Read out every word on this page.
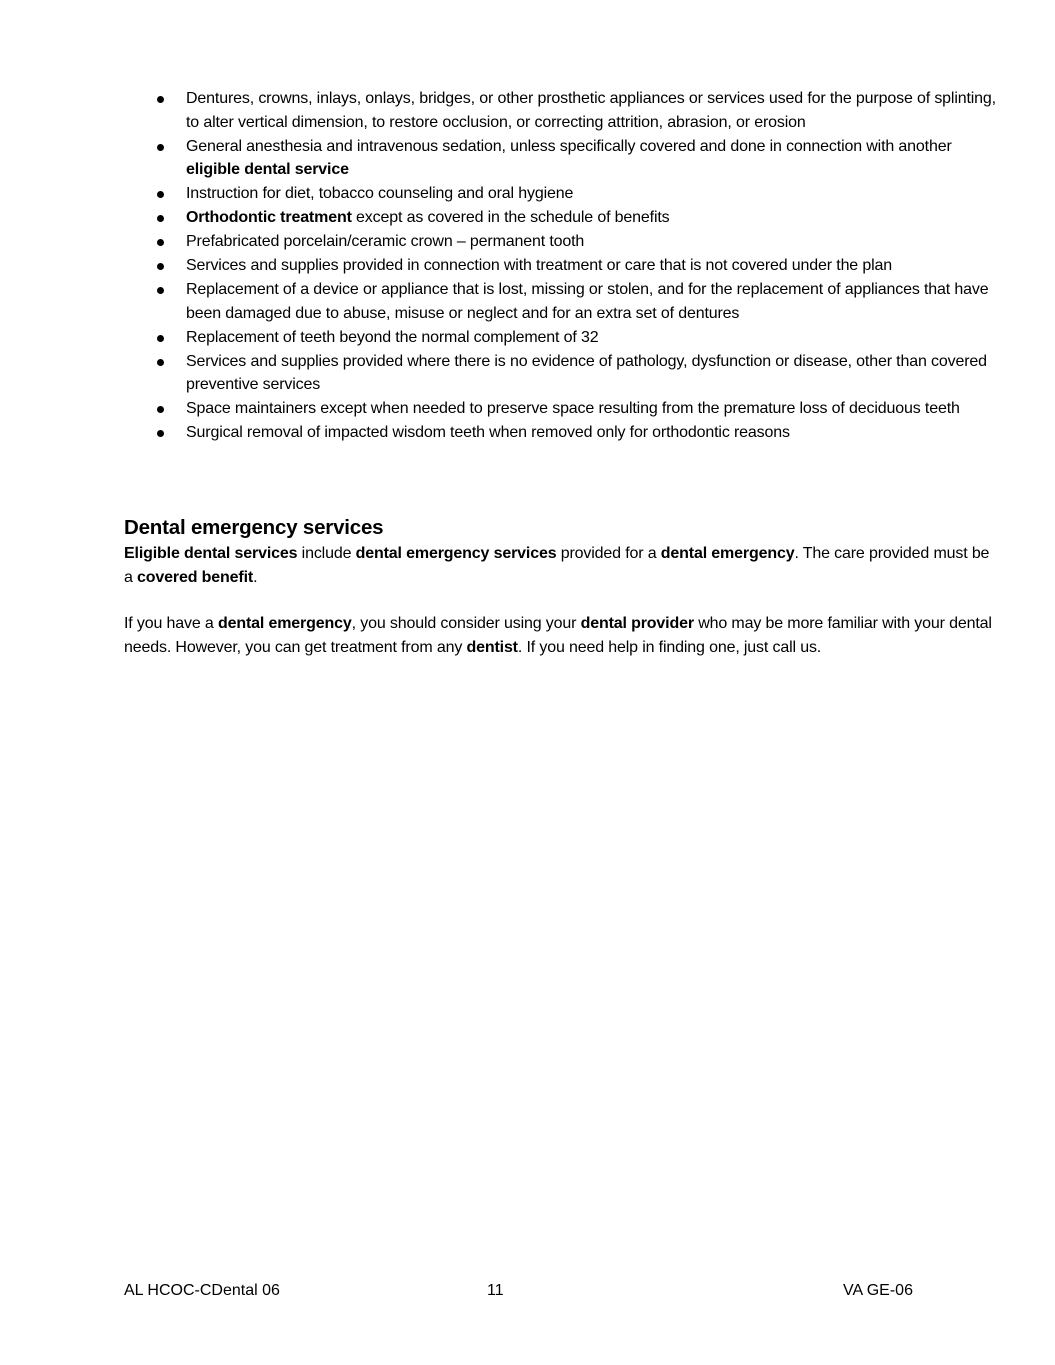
Dentures, crowns, inlays, onlays, bridges, or other prosthetic appliances or services used for the purpose of splinting, to alter vertical dimension, to restore occlusion, or correcting attrition, abrasion, or erosion
General anesthesia and intravenous sedation, unless specifically covered and done in connection with another eligible dental service
Instruction for diet, tobacco counseling and oral hygiene
Orthodontic treatment except as covered in the schedule of benefits
Prefabricated porcelain/ceramic crown – permanent tooth
Services and supplies provided in connection with treatment or care that is not covered under the plan
Replacement of a device or appliance that is lost, missing or stolen, and for the replacement of appliances that have been damaged due to abuse, misuse or neglect and for an extra set of dentures
Replacement of teeth beyond the normal complement of 32
Services and supplies provided where there is no evidence of pathology, dysfunction or disease, other than covered preventive services
Space maintainers except when needed to preserve space resulting from the premature loss of deciduous teeth
Surgical removal of impacted wisdom teeth when removed only for orthodontic reasons
Dental emergency services

Eligible dental services include dental emergency services provided for a dental emergency. The care provided must be a covered benefit.

If you have a dental emergency, you should consider using your dental provider who may be more familiar with your dental needs. However, you can get treatment from any dentist. If you need help in finding one, just call us.

AL HCOC-CDental 06	11	VA GE-06
